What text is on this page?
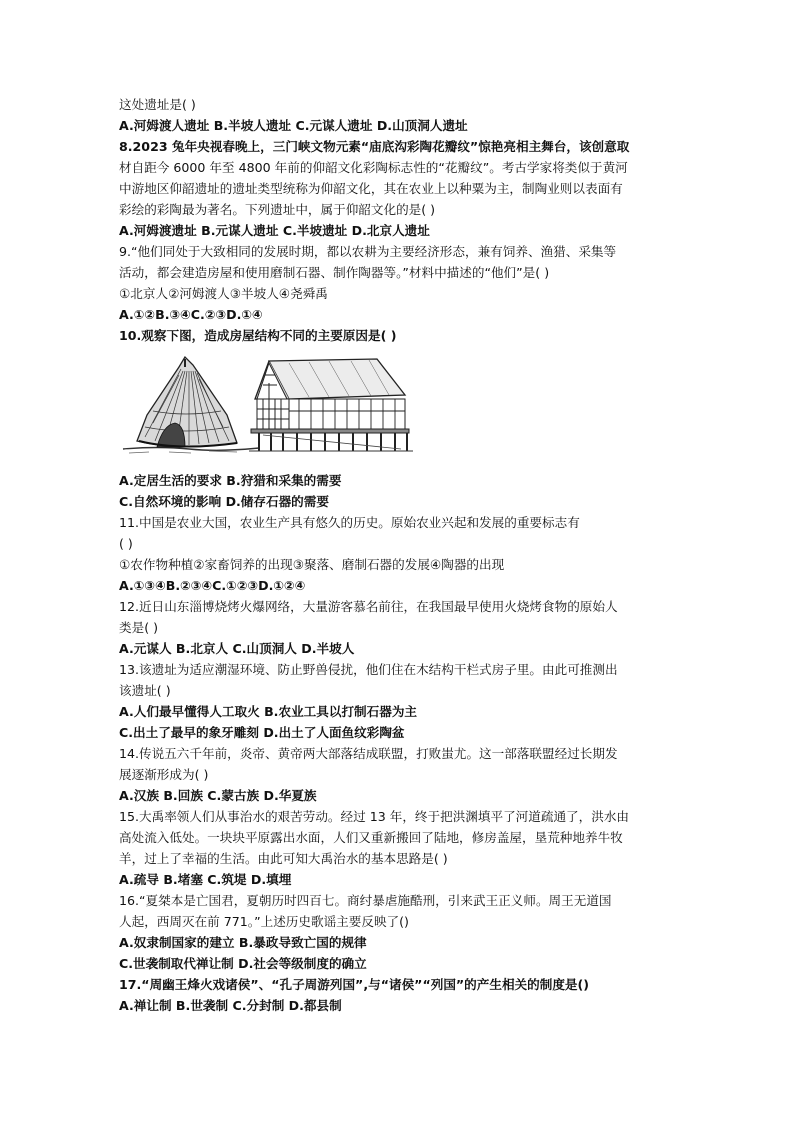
这处遗址是( )
A.河姆渡人遗址 B.半坡人遗址 C.元谋人遗址 D.山顶洞人遗址
8.2023 兔年央视春晚上，三门峡文物元素“庙底沟彩陶花瓣纹”惊艳亮相主舞台，该创意取
材自距今 6000 年至 4800 年前的仰韶文化彩陶标志性的“花瓣纹”。考古学家将类似于黄河
中游地区仰韶遗址的遗址类型统称为仰韶文化，其在农业上以种粟为主，制陶业则以表面有
彩绘的彩陶最为著名。下列遗址中，属于仰韶文化的是( )
A.河姆渡遗址 B.元谋人遗址 C.半坡遗址 D.北京人遗址
9.“他们同处于大致相同的发展时期，都以农耕为主要经济形态，兼有饲养、渔猎、采集等
活动，都会建造房屋和使用磨制石器、制作陶器等。”材料中描述的“他们”是( )
①北京人②河姆渡人③半坡人④尧舜禹
A.①②B.③④C.②③D.①④
10.观察下图，造成房屋结构不同的主要原因是( )
A.定居生活的要求 B.狩猎和采集的需要
C.自然环境的影响 D.储存石器的需要
11.中国是农业大国，农业生产具有悠久的历史。原始农业兴起和发展的重要标志有
( )
①农作物种植②家畜饲养的出现③聚落、磨制石器的发展④陶器的出现
A.①③④B.②③④C.①②③D.①②④
12.近日山东淄博烧烤火爆网络，大量游客慕名前往，在我国最早使用火烧烤食物的原始人
类是( )
A.元谋人 B.北京人 C.山顶洞人 D.半坡人
13.该遗址为适应潮湿环境、防止野兽侵扰，他们住在木结构干栏式房子里。由此可推测出
该遗址( )
A.人们最早懂得人工取火 B.农业工具以打制石器为主
C.出土了最早的象牙雕刻 D.出土了人面鱼纹彩陶盆
14.传说五六千年前，炎帝、黄帝两大部落结成联盟，打败蚩尤。这一部落联盟经过长期发
展逐渐形成为( )
A.汉族 B.回族 C.蒙古族 D.华夏族
15.大禹率领人们从事治水的艰苦劳动。经过 13 年，终于把洪渊填平了河道疏通了，洪水由
高处流入低处。一块块平原露出水面，人们又重新搬回了陆地，修房盖屋，垦荒种地养牛牧
羊，过上了幸福的生活。由此可知大禹治水的基本思路是( )
A.疏导 B.堵塞 C.筑堤 D.填埋
16.“夏桀本是亡国君，夏朝历时四百七。商纣暴虐施酷刑，引来武王正义师。周王无道国
人起，西周灭在前 771。”上述历史歌谣主要反映了()
A.奴隶制国家的建立 B.暴政导致亡国的规律
C.世袭制取代禅让制 D.社会等级制度的确立
17.“周幽王烽火戏诸侯”、“孔子周游列国”,与“诸侯”“列国”的产生相关的制度是()
A.禅让制 B.世袭制 C.分封制 D.都县制
